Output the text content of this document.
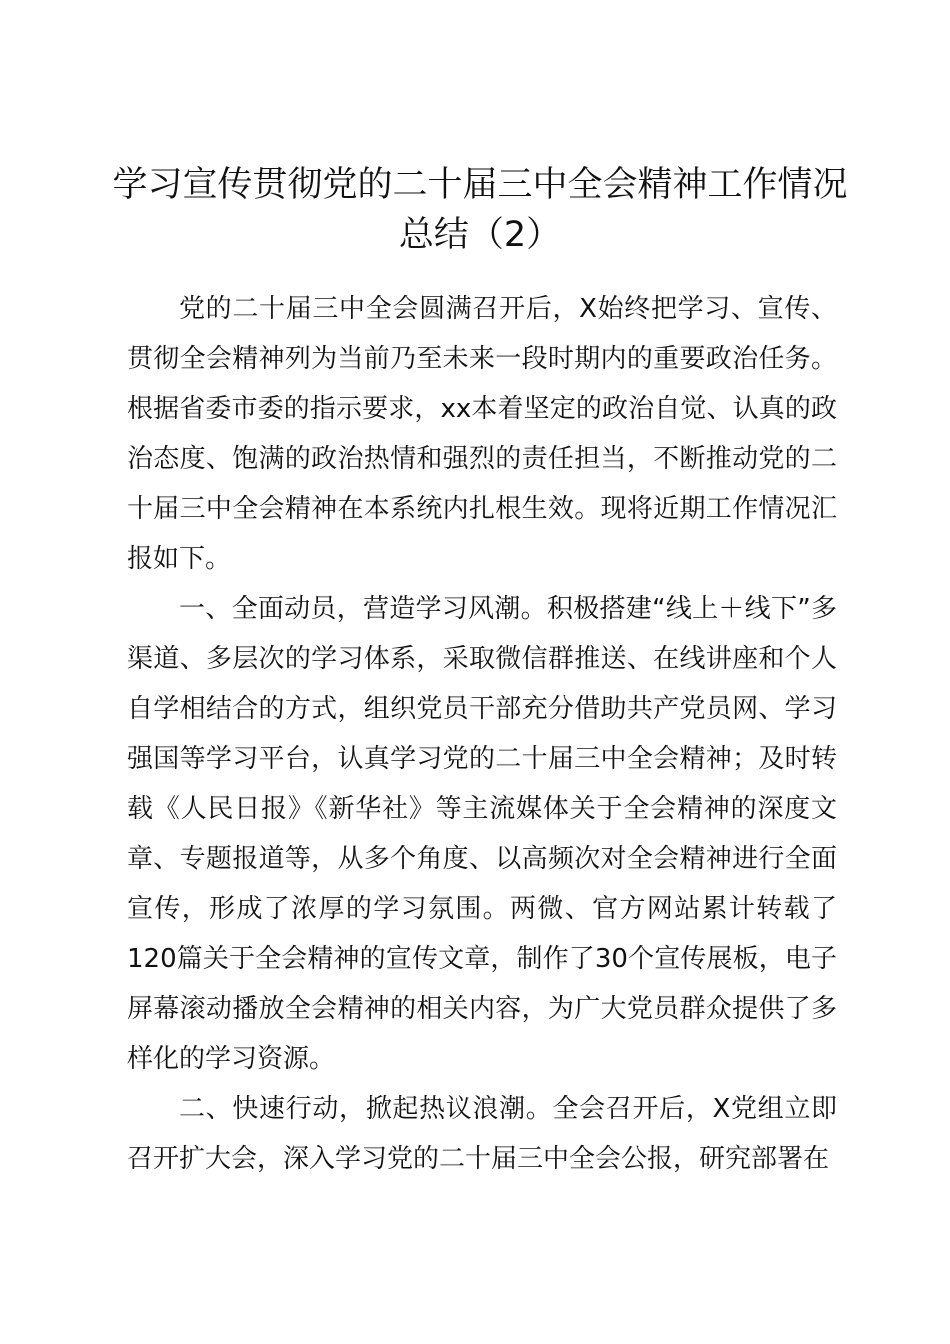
学习宣传贯彻党的二十届三中全会精神工作情况总结（2）

党的二十届三中全会圆满召开后，X始终把学习、宣传、贯彻全会精神列为当前乃至未来一段时期内的重要政治任务。根据省委市委的指示要求，xx本着坚定的政治自觉、认真的政治态度、饱满的政治热情和强烈的责任担当，不断推动党的二十届三中全会精神在本系统内扎根生效。现将近期工作情况汇报如下。

一、全面动员，营造学习风潮。积极搭建“线上＋线下”多渠道、多层次的学习体系，采取微信群推送、在线讲座和个人自学相结合的方式，组织党员干部充分借助共产党员网、学习强国等学习平台，认真学习党的二十届三中全会精神；及时转载《人民日报》《新华社》等主流媒体关于全会精神的深度文章、专题报道等，从多个角度、以高频次对全会精神进行全面宣传，形成了浓厚的学习氛围。两微、官方网站累计转载了120篇关于全会精神的宣传文章，制作了30个宣传展板，电子屏幕滚动播放全会精神的相关内容，为广大党员群众提供了多样化的学习资源。

二、快速行动，掀起热议浪潮。全会召开后，X党组立即召开扩大会，深入学习党的二十届三中全会公报，研究部署在
